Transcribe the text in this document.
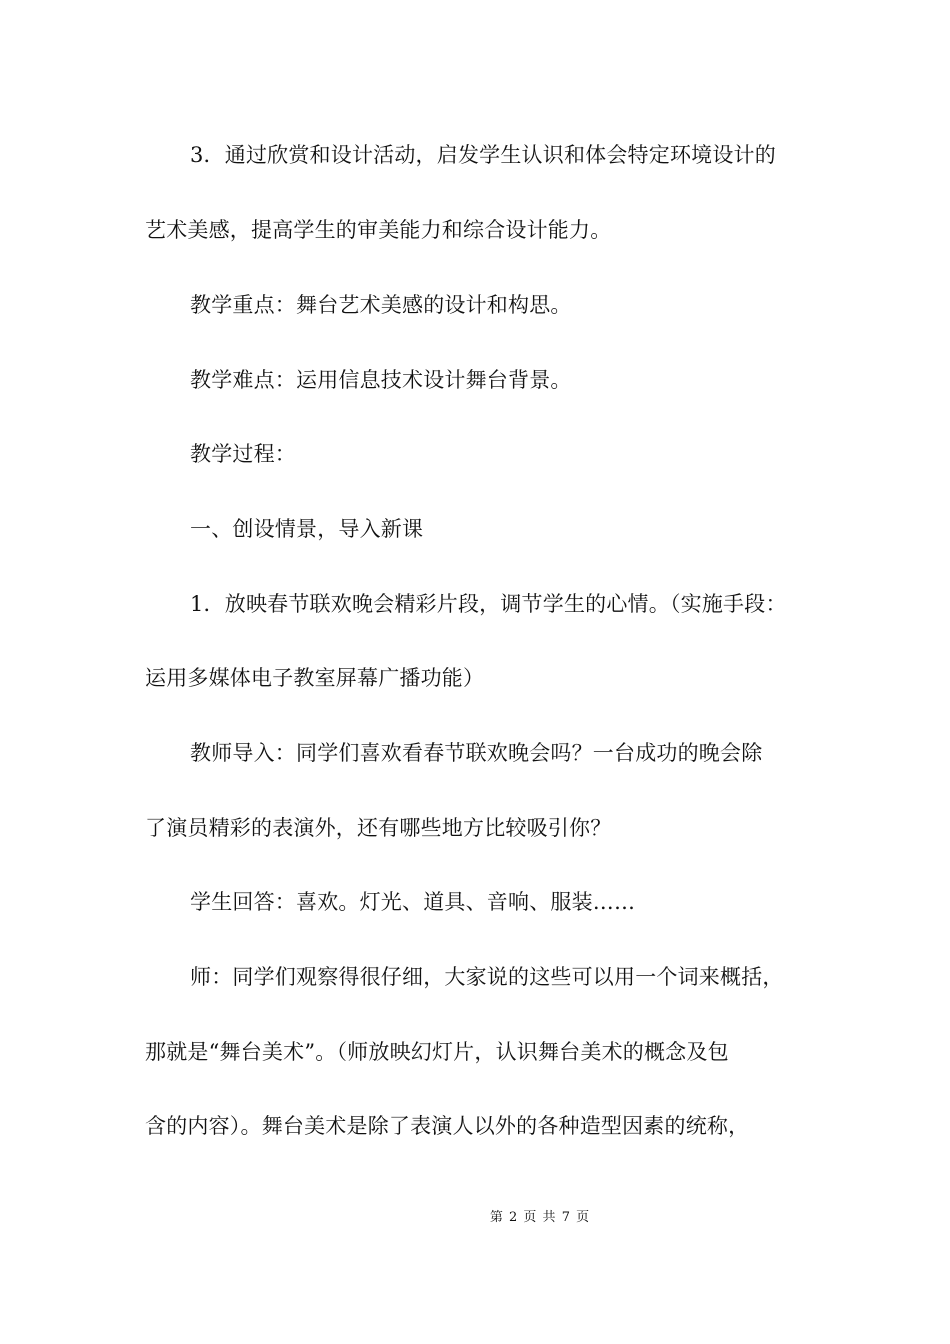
3．通过欣赏和设计活动，启发学生认识和体会特定环境设计的
艺术美感，提高学生的审美能力和综合设计能力。
教学重点：舞台艺术美感的设计和构思。
教学难点：运用信息技术设计舞台背景。
教学过程：
一、创设情景，导入新课
1．放映春节联欢晚会精彩片段，调节学生的心情。（实施手段：
运用多媒体电子教室屏幕广播功能）
教师导入：同学们喜欢看春节联欢晚会吗？一台成功的晚会除
了演员精彩的表演外，还有哪些地方比较吸引你？
学生回答：喜欢。灯光、道具、音响、服装……
师：同学们观察得很仔细，大家说的这些可以用一个词来概括，
那就是“舞台美术”。（师放映幻灯片，认识舞台美术的概念及包
含的内容）。舞台美术是除了表演人以外的各种造型因素的统称，
第 2 页 共 7 页
